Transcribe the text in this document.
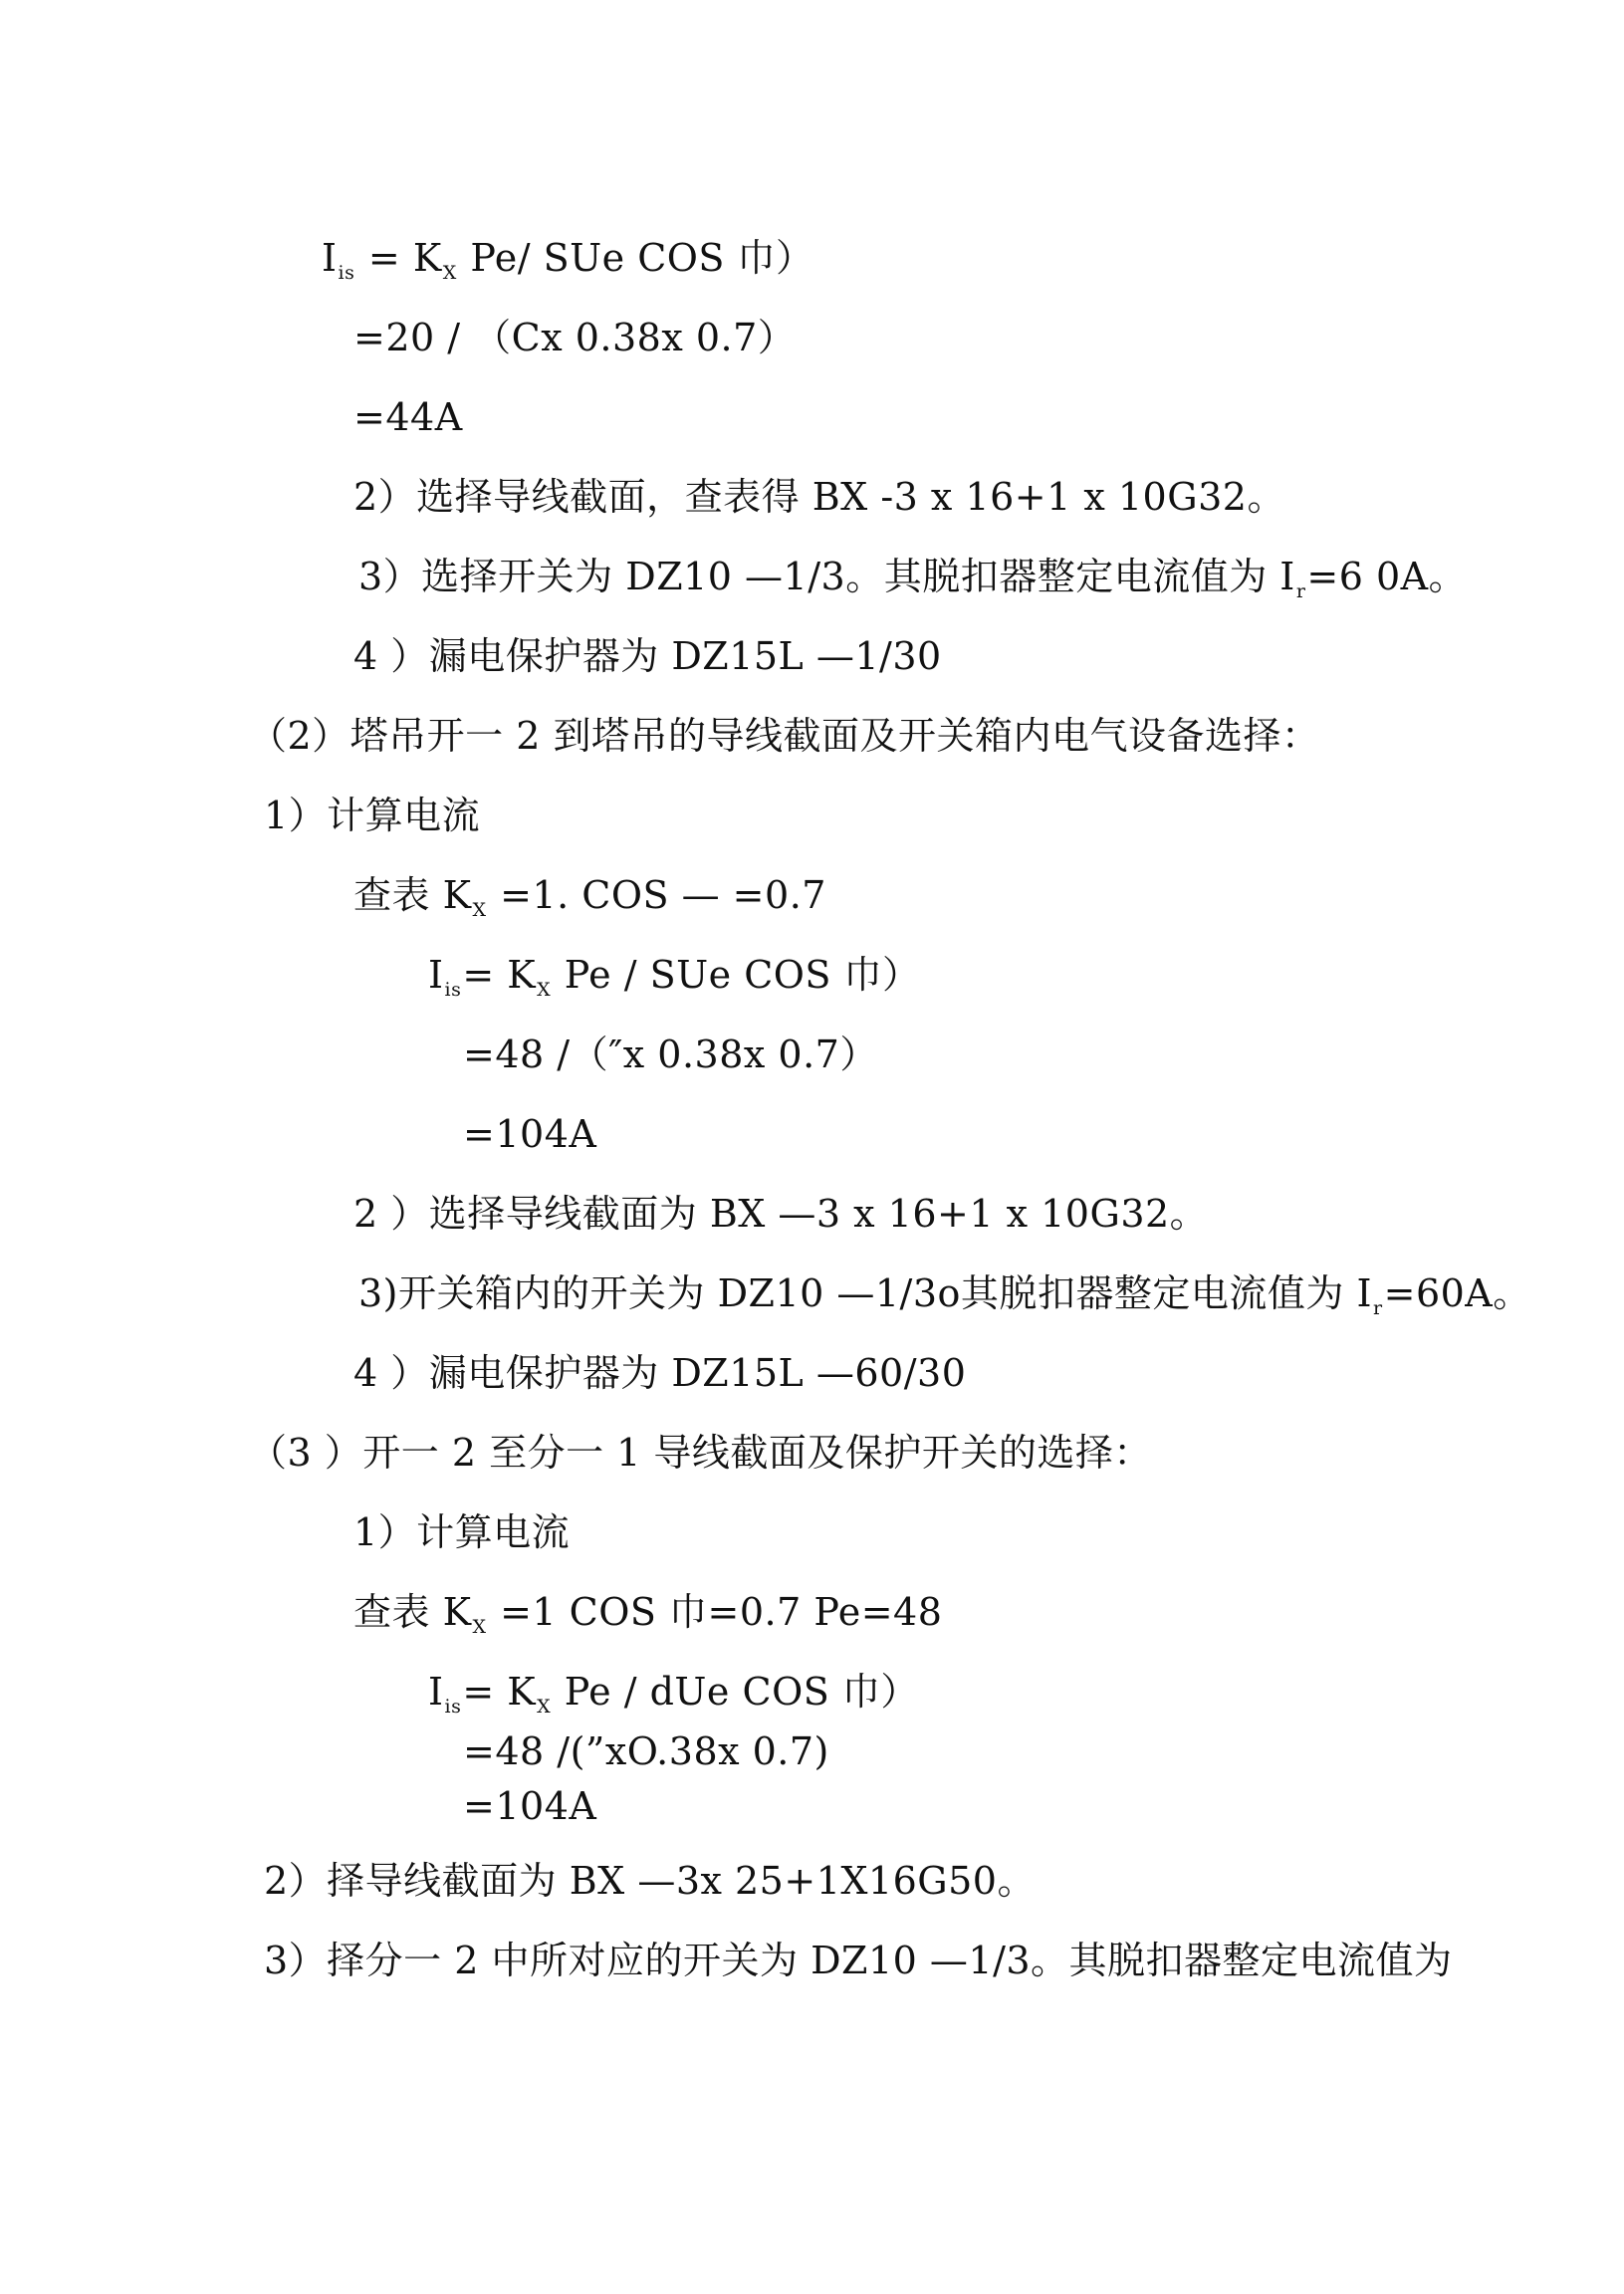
$I_{is} = K_X$ Pe/ SUe COS 巾）
=20 / （Cx 0.38x 0.7）
=44A
2）选择导线截面，查表得 BX -3 x 16+1 x 10G32。
3）选择开关为 DZ10 —1/3。其脱扣器整定电流值为 $I_r=6$ 0A。
4 ）漏电保护器为 DZ15L —1/30
（2）塔吊开一 2 到塔吊的导线截面及开关箱内电气设备选择：
1）计算电流
查表 $K_X =1$. COS — =0.7
$I_{is}= K_X$ Pe / SUe COS 巾）
=48 /（″x 0.38x 0.7）
=104A
2 ）选择导线截面为 BX —3 x 16+1 x 10G32。
3)开关箱内的开关为 DZ10 —1/3o其脱扣器整定电流值为 $I_r=60A$。
4 ）漏电保护器为 DZ15L —60/30
（3 ）开一 2 至分一 1 导线截面及保护开关的选择：
1）计算电流
查表 $K_X =1$ COS 巾=0.7 Pe=48
$I_{is}= K_X$ Pe / dUe COS 巾）
=48 /(”xO.38x 0.7)
=104A
2）择导线截面为 BX —3x 25+1X16G50。
3）择分一 2 中所对应的开关为 DZ10 —1/3。其脱扣器整定电流值为
